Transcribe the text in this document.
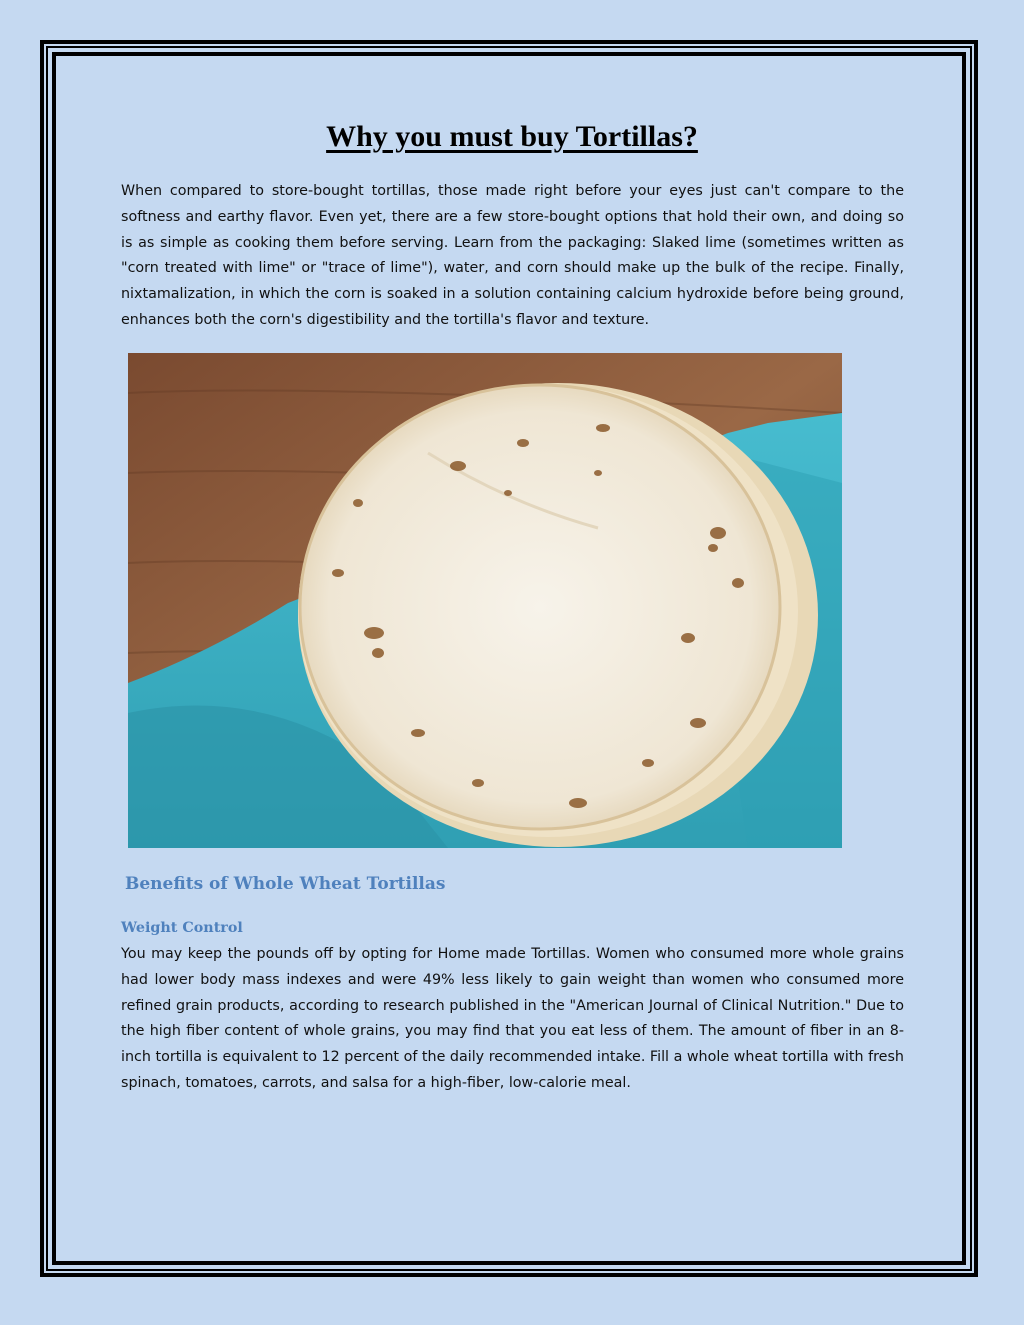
Why you must buy Tortillas?

When compared to store-bought tortillas, those made right before your eyes just can't compare to the softness and earthy flavor. Even yet, there are a few store-bought options that hold their own, and doing so is as simple as cooking them before serving. Learn from the packaging: Slaked lime (sometimes written as "corn treated with lime" or "trace of lime"), water, and corn should make up the bulk of the recipe. Finally, nixtamalization, in which the corn is soaked in a solution containing calcium hydroxide before being ground, enhances both the corn's digestibility and the tortilla's flavor and texture.

Benefits of Whole Wheat Tortillas
Weight Control

You may keep the pounds off by opting for Home made Tortillas. Women who consumed more whole grains had lower body mass indexes and were 49% less likely to gain weight than women who consumed more refined grain products, according to research published in the "American Journal of Clinical Nutrition." Due to the high fiber content of whole grains, you may find that you eat less of them. The amount of fiber in an 8-inch tortilla is equivalent to 12 percent of the daily recommended intake. Fill a whole wheat tortilla with fresh spinach, tomatoes, carrots, and salsa for a high-fiber, low-calorie meal.
